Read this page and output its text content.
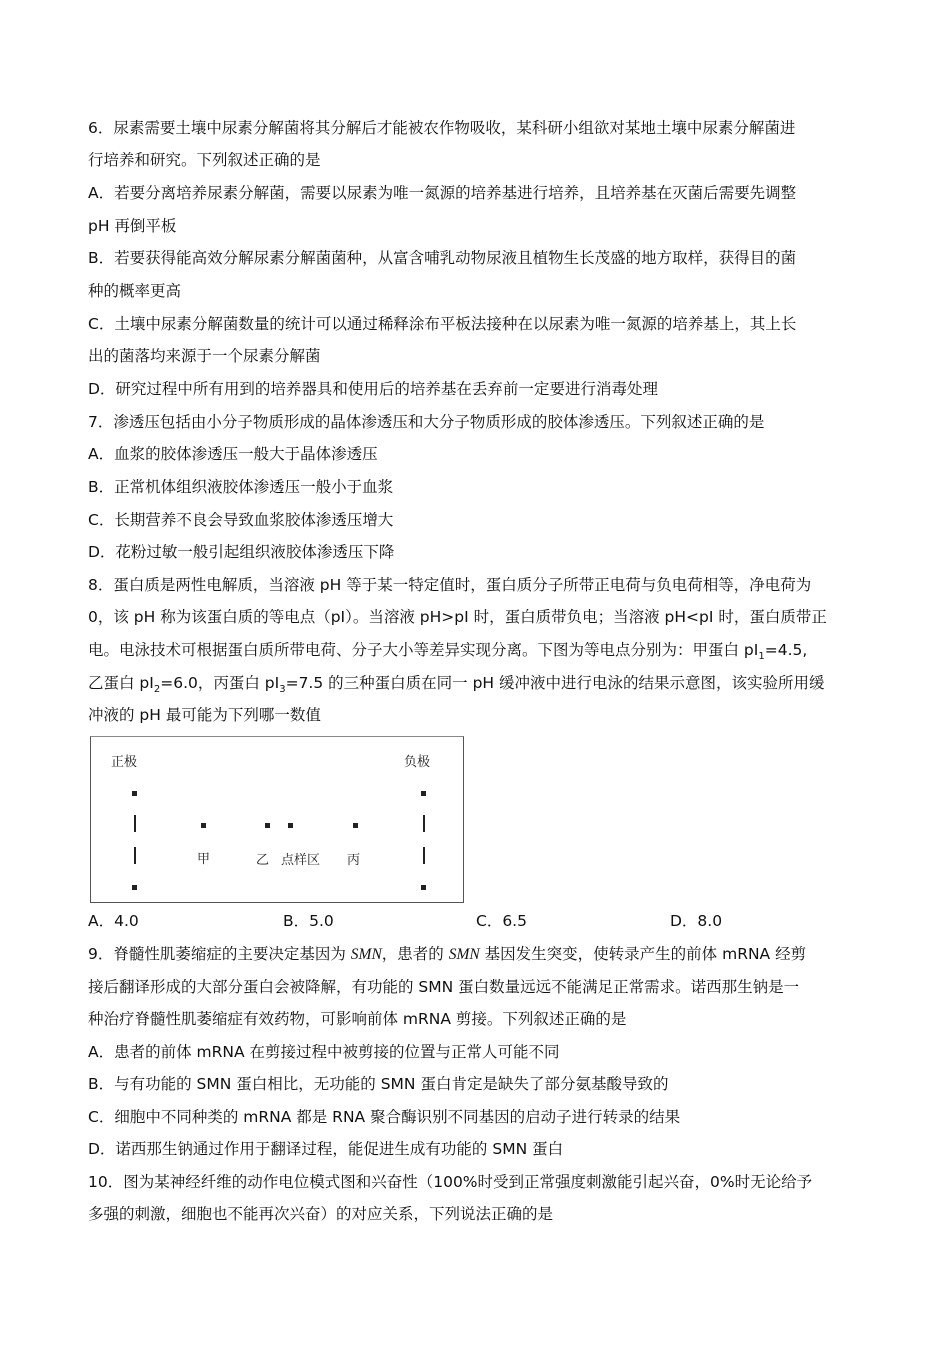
6．尿素需要土壤中尿素分解菌将其分解后才能被农作物吸收，某科研小组欲对某地土壤中尿素分解菌进
行培养和研究。下列叙述正确的是
A．若要分离培养尿素分解菌，需要以尿素为唯一氮源的培养基进行培养，且培养基在灭菌后需要先调整
pH 再倒平板
B．若要获得能高效分解尿素分解菌菌种，从富含哺乳动物尿液且植物生长茂盛的地方取样，获得目的菌
种的概率更高
C．土壤中尿素分解菌数量的统计可以通过稀释涂布平板法接种在以尿素为唯一氮源的培养基上，其上长
出的菌落均来源于一个尿素分解菌
D．研究过程中所有用到的培养器具和使用后的培养基在丢弃前一定要进行消毒处理
7．渗透压包括由小分子物质形成的晶体渗透压和大分子物质形成的胶体渗透压。下列叙述正确的是
A．血浆的胶体渗透压一般大于晶体渗透压
B．正常机体组织液胶体渗透压一般小于血浆
C．长期营养不良会导致血浆胶体渗透压增大
D．花粉过敏一般引起组织液胶体渗透压下降
8．蛋白质是两性电解质，当溶液 pH 等于某一特定值时，蛋白质分子所带正电荷与负电荷相等，净电荷为
0，该 pH 称为该蛋白质的等电点（pI）。当溶液 pH>pI 时，蛋白质带负电；当溶液 pH<pI 时，蛋白质带正
电。电泳技术可根据蛋白质所带电荷、分子大小等差异实现分离。下图为等电点分别为：甲蛋白 $pI_1=4.5$,
乙蛋白 $pI_2=6.0$，丙蛋白 $pI_3=7.5$ 的三种蛋白质在同一 pH 缓冲液中进行电泳的结果示意图，该实验所用缓
冲液的 pH 最可能为下列哪一数值
正极	负极
甲	乙 点样区 丙
A．4.0	B．5.0	C．6.5	D．8.0
9．脊髓性肌萎缩症的主要决定基因为 SMN，患者的 SMN 基因发生突变，使转录产生的前体 mRNA 经剪
接后翻译形成的大部分蛋白会被降解，有功能的 SMN 蛋白数量远远不能满足正常需求。诺西那生钠是一
种治疗脊髓性肌萎缩症有效药物，可影响前体 mRNA 剪接。下列叙述正确的是
A．患者的前体 mRNA 在剪接过程中被剪接的位置与正常人可能不同
B．与有功能的 SMN 蛋白相比，无功能的 SMN 蛋白肯定是缺失了部分氨基酸导致的
C．细胞中不同种类的 mRNA 都是 RNA 聚合酶识别不同基因的启动子进行转录的结果
D．诺西那生钠通过作用于翻译过程，能促进生成有功能的 SMN 蛋白
10．图为某神经纤维的动作电位模式图和兴奋性（100%时受到正常强度刺激能引起兴奋，0%时无论给予
多强的刺激，细胞也不能再次兴奋）的对应关系，下列说法正确的是
